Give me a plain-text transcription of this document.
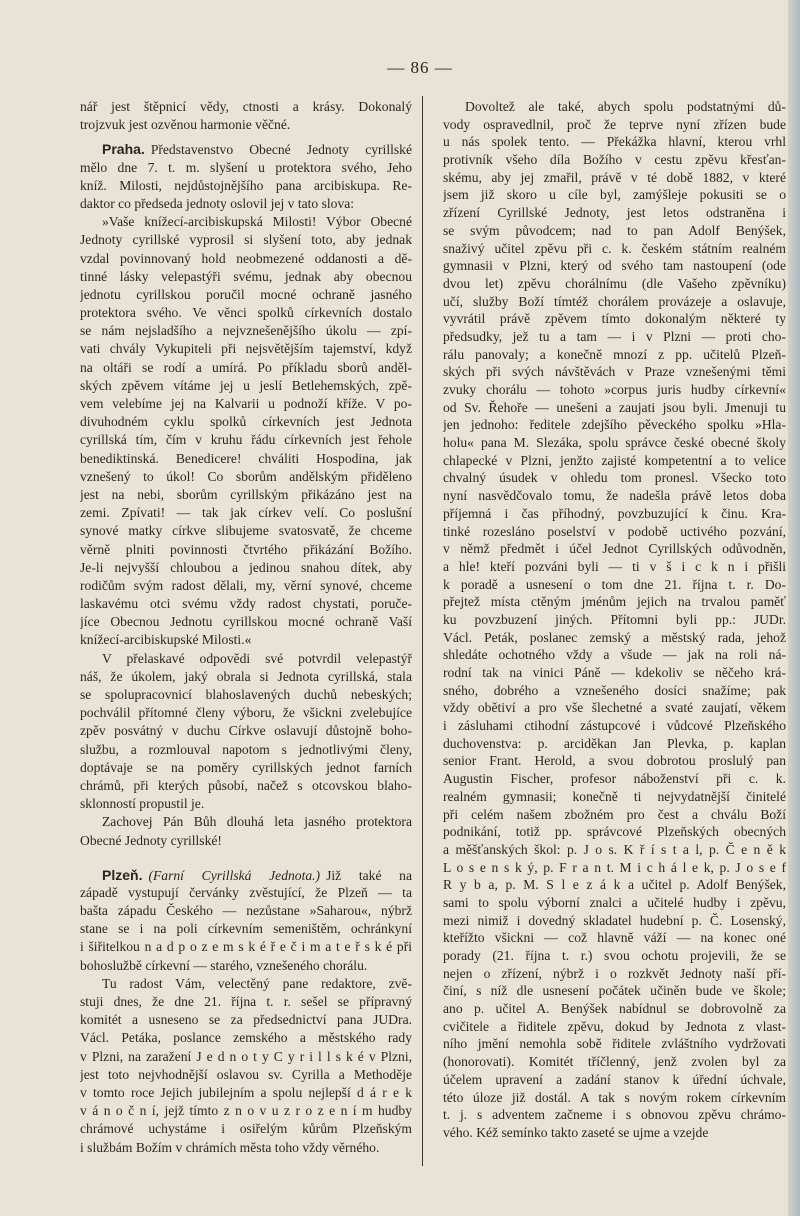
— 86 —
nář jest štěpnicí vědy, ctnosti a krásy. Dokonalý
trojzvuk jest ozvěnou harmonie věčné.
Praha. Představenstvo Obecné Jednoty cyrillské
mělo dne 7. t. m. slyšení u protektora svého, Jeho
kníž. Milosti, nejdůstojnějšího pana arcibiskupa. Re-
daktor co předseda jednoty oslovil jej v tato slova:
»Vaše knížecí-arcibiskupská Milosti! Výbor Obecné
Jednoty cyrillské vyprosil si slyšení toto, aby jednak
vzdal povinnovaný hold neobmezené oddanosti a dě-
tinné lásky velepastýři svému, jednak aby obecnou
jednotu cyrillskou poručil mocné ochraně jasného
protektora svého. Ve věnci spolků církevních dostalo
se nám nejsladšího a nejvznešenějšího úkolu — zpí-
vati chvály Vykupiteli při nejsvětějším tajemství, když
na oltáři se rodí a umírá. Po příkladu sborů anděl-
ských zpěvem vítáme jej u jeslí Betlehemských, zpě-
vem velebíme jej na Kalvarii u podnoží kříže. V po-
divuhodném cyklu spolků církevních jest Jednota
cyrillská tím, čím v kruhu řádu církevních jest řehole
benediktinská. Benedicere! chváliti Hospodina, jak
vznešený to úkol! Co sborům andělským přiděleno
jest na nebi, sborům cyrillským přikázáno jest na
zemi. Zpívati! — tak jak církev velí. Co poslušní
synové matky církve slibujeme svatosvatě, že chceme
věrně plniti povinnosti čtvrtého přikázání Božího.
Je-li nejvyšší chloubou a jedinou snahou dítek, aby
rodičům svým radost dělali, my, věrní synové, chceme
laskavému otci svému vždy radost chystati, poruče-
jíce Obecnou Jednotu cyrillskou mocné ochraně Vaší
knížecí-arcibiskupské Milosti.«
V přelaskavé odpovědi své potvrdil velepastýř
náš, že úkolem, jaký obrala si Jednota cyrillská, stala
se spolupracovnicí blahoslavených duchů nebeských;
pochválil přítomné členy výboru, že všickni zvelebujíce
zpěv posvátný v duchu Církve oslavují důstojně boho-
službu, a rozmlouval napotom s jednotlivými členy,
doptávaje se na poměry cyrillských jednot farních
chrámů, při kterých působí, načež s otcovskou blaho-
sklonností propustil je.
Zachovej Pán Bůh dlouhá leta jasného protektora
Obecné Jednoty cyrillské!
Plzeň. (Farní Cyrillská Jednota.) Již také na
západě vystupují červánky zvěstující, že Plzeň — ta
bašta západu Českého — nezůstane »Saharou«, nýbrž
stane se i na poli církevním semeništěm, ochránkyní
i šiřitelkou n a d p o z e m s k é ř e č i m a t e ř s k é při
bohoslužbě církevní — starého, vznešeného chorálu.
Tu radost Vám, velectěný pane redaktore, zvě-
stuji dnes, že dne 21. října t. r. sešel se přípravný
komitét a usneseno se za předsednictví pana JUDra.
Václ. Petáka, poslance zemského a městského rady
v Plzni, na zaražení J e d n o t y C y r i l l s k é v Plzni,
jest toto nejvhodnější oslavou sv. Cyrilla a Methoděje
v tomto roce Jejich jubilejním a spolu nejlepší d á r e k
v á n o č n í, jejž tímto z n o v u z r o z e n í m hudby
chrámové uchystáme i osiřelým kůrům Plzeňským
i službám Božím v chrámích města toho vždy věrného.
Dovoltež ale také, abych spolu podstatnými dů-
vody ospravedlnil, proč že teprve nyní zřízen bude
u nás spolek tento. — Překážka hlavní, kterou vrhl
protivník všeho díla Božího v cestu zpěvu křesťan-
skému, aby jej zmařil, právě v té době 1882, v které
jsem již skoro u cíle byl, zamýšleje pokusiti se o
zřízení Cyrillské Jednoty, jest letos odstraněna i
se svým původcem; nad to pan Adolf Benýšek,
snaživý učitel zpěvu při c. k. českém státním realném
gymnasii v Plzni, který od svého tam nastoupení (ode
dvou let) zpěvu chorálnímu (dle Vašeho zpěvníku)
učí, služby Boží tímtéž chorálem provázeje a oslavuje,
vyvrátil právě zpěvem tímto dokonalým některé ty
předsudky, jež tu a tam — i v Plzni — proti cho-
rálu panovaly; a konečně mnozí z pp. učitelů Plzeň-
ských při svých návštěvách v Praze vznešenými těmi
zvuky chorálu — tohoto »corpus juris hudby církevní«
od Sv. Řehoře — unešeni a zaujati jsou byli. Jmenuji tu
jen jednoho: ředitele zdejšího pěveckého spolku »Hla-
holu« pana M. Slezáka, spolu správce české obecné školy
chlapecké v Plzni, jenžto zajisté kompetentní a to velice
chvalný úsudek v ohledu tom pronesl. Všecko toto
nyní nasvědčovalo tomu, že nadešla právě letos doba
příjemná i čas příhodný, povzbuzující k činu. Kra-
tinké rozesláno poselství v podobě uctivého pozvání,
v němž předmět i účel Jednot Cyrillských odůvodněn,
a hle! kteří pozváni byli — ti v š i c k n i přišli
k poradě a usnesení o tom dne 21. října t. r. Do-
přejtež místa ctěným jménům jejich na trvalou paměť
ku povzbuzení jiných. Přítomni byli pp.: JUDr.
Václ. Peták, poslanec zemský a městský rada, jehož
shledáte ochotného vždy a všude — jak na roli ná-
rodní tak na vinici Páně — kdekoliv se něčeho krá-
sného, dobrého a vznešeného dosíci snažíme; pak
vždy obětiví a pro vše šlechetné a svaté zaujatí, věkem
i zásluhami ctihodní zástupcové i vůdcové Plzeňského
duchovenstva: p. arciděkan Jan Plevka, p. kaplan
senior Frant. Herold, a svou dobrotou proslulý pan
Augustin Fischer, profesor náboženství při c. k.
realném gymnasii; konečně ti nejvydatnější činitelé
při celém našem zbožném pro čest a chválu Boží
podnikání, totiž pp. správcové Plzeňských obecných
a měšťanských škol: p. J o s. K ř í s t a l, p. Č e n ě k
L o s e n s k ý, p. F r a n t. M i c h á l e k, p. J o s e f
R y b a, p. M. S l e z á k a učitel p. Adolf Benýšek,
sami to spolu výborní znalci a učitelé hudby i zpěvu,
mezi nimiž i dovedný skladatel hudební p. Č. Losenský,
kteřížto všickni — což hlavně váží — na konec oné
porady (21. října t. r.) svou ochotu projevili, že se
nejen o zřízení, nýbrž i o rozkvět Jednoty naší pří-
činí, s níž dle usnesení počátek učiněn bude ve škole;
ano p. učitel A. Benýšek nabídnul se dobrovolně za
cvičitele a řiditele zpěvu, dokud by Jednota z vlast-
ního jmění nemohla sobě řiditele zvláštního vydržovati
(honorovati). Komitét tříčlenný, jenž zvolen byl za
účelem upravení a zadání stanov k úřední úchvale,
této úloze již dostál. A tak s novým rokem církevním
t. j. s adventem začneme i s obnovou zpěvu chrámo-
vého. Kéž semínko takto zaseté se ujme a vzejde
